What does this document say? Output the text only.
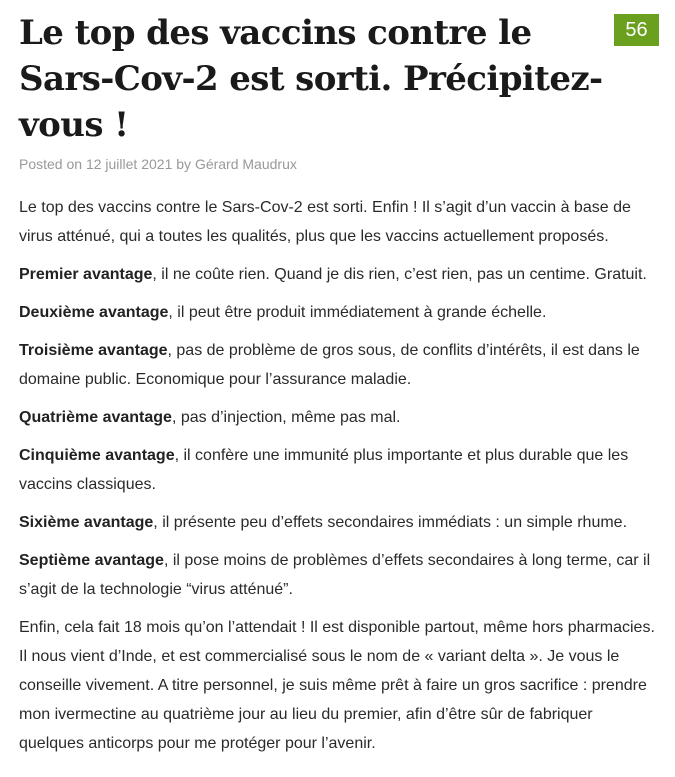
Le top des vaccins contre le Sars-Cov-2 est sorti. Précipitez-vous !
Posted on 12 juillet 2021 by Gérard Maudrux

Le top des vaccins contre le Sars-Cov-2 est sorti. Enfin ! Il s’agit d’un vaccin à base de virus atténué, qui a toutes les qualités, plus que les vaccins actuellement proposés.

Premier avantage, il ne coûte rien. Quand je dis rien, c’est rien, pas un centime. Gratuit.

Deuxième avantage, il peut être produit immédiatement à grande échelle.

Troisième avantage, pas de problème de gros sous, de conflits d’intérêts, il est dans le domaine public. Economique pour l’assurance maladie.

Quatrième avantage, pas d’injection, même pas mal.

Cinquième avantage, il confère une immunité plus importante et plus durable que les vaccins classiques.

Sixième avantage, il présente peu d’effets secondaires immédiats : un simple rhume.

Septième avantage, il pose moins de problèmes d’effets secondaires à long terme, car il s’agit de la technologie “virus atténué”.

Enfin, cela fait 18 mois qu’on l’attendait ! Il est disponible partout, même hors pharmacies. Il nous vient d’Inde, et est commercialisé sous le nom de « variant delta ». Je vous le conseille vivement. A titre personnel, je suis même prêt à faire un gros sacrifice : prendre mon ivermectine au quatrième jour au lieu du premier, afin d’être sûr de fabriquer quelques anticorps pour me protéger pour l’avenir.

56
